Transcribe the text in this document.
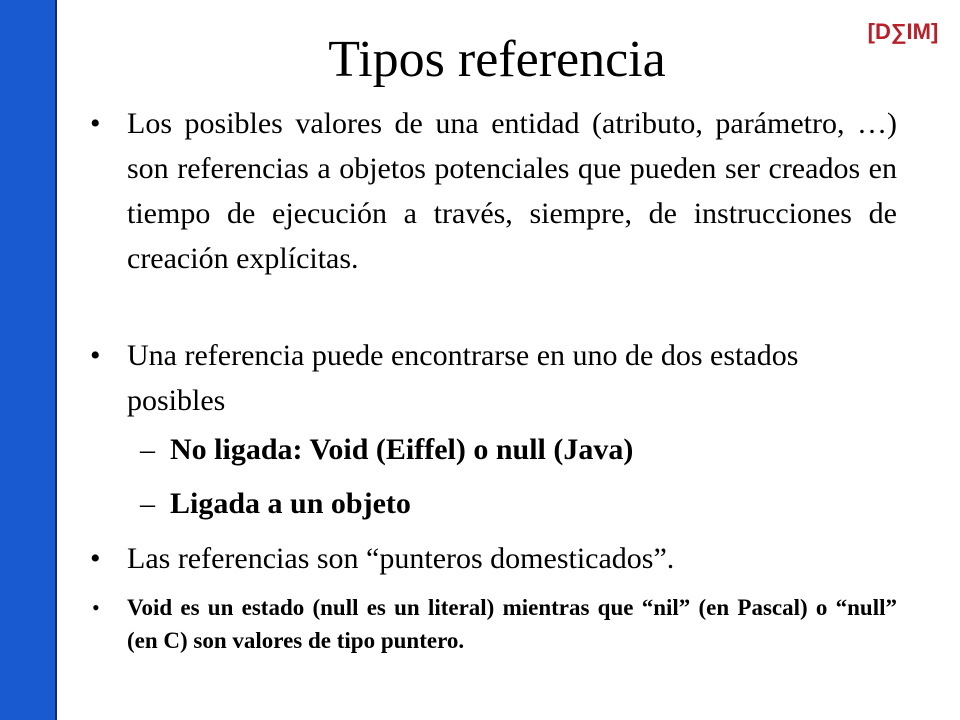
[D∑IM]
Tipos referencia
• Los posibles valores de una entidad (atributo, parámetro, …) son referencias a objetos potenciales que pueden ser creados en tiempo de ejecución a través, siempre, de instrucciones de creación explícitas.

• Una referencia puede encontrarse en uno de dos estados posibles

– No ligada: Void (Eiffel) o null (Java)

– Ligada a un objeto

• Las referencias son “punteros domesticados”.

• Void es un estado (null es un literal) mientras que “nil” (en Pascal) o “null” (en C) son valores de tipo puntero.
